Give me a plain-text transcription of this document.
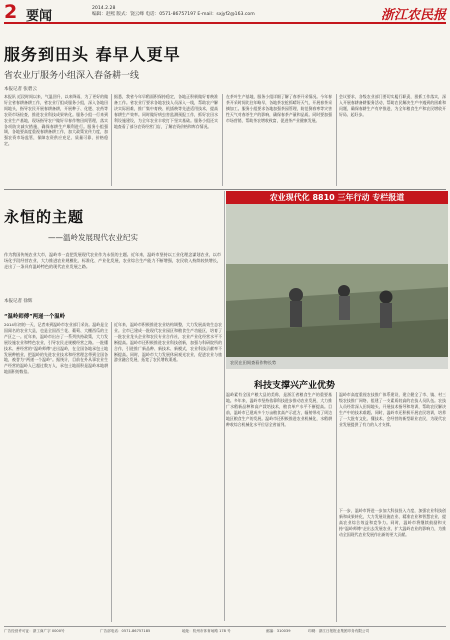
2 要闻
2014.2.28
编辑：赵熙 版式：饶云峰 电话：0571-86757197 E-mail：sxjyf2@163.com	浙江农民报
服务到田头 春早人更早
省农业厅服务小组深入春备耕一线
本报记者 张碧云
本报讯 近段时间以来，气温回升，以来降雨，为了更好的做好全省春耕备耕工作，省农业厅组成服务小组，深入各地田间地头，指导农民开展春耕备耕，开展种子、化肥、农药等农资市场检查，推进农业科技成果转化。服务小组一行来到农业生产基地，现场指导农户做好早春作物田间管理，落实各项防灾减灾措施，确保春耕生产顺利进行。服务小组强调，各地要高度重视春耕备耕工作，加大政策宣传力度，加强农资市场监管，保障农资供应充足、质量可靠、价格稳定。
据悉，我省今年早稻面积保持稳定，各地正积极做好育秧准备工作。省农业厅要求各地农技人员深入一线，帮助农户解决实际困难，推广集中育秧、机插秧等先进适用技术，提高春耕生产效率。同时做好病虫害监测预报工作，抓好农田水利设施建设，为全年农业丰收打下坚实基础。服务小组还实地查看了部分农资经营门店，了解农资价格和库存情况。
在茶叶生产基地，服务小组详细了解了春茶开采情况。今年春茶开采时间比往年略早，各地茶农抢抓晴好天气，开展春茶采摘加工。服务小组要求各地加强茶园管理，防范倒春寒等灾害性天气对春茶生产的影响，确保春茶产量和品质。同时要加强市场营销，帮助茶农增收致富，促进茶产业健康发展。
会议要求，各级农业部门要切实履行职责，狠抓工作落实，深入开展春耕备耕服务活动，帮助农民解决生产中遇到的困难和问题，确保春耕生产有序推进，为全年粮食生产和农民增收开好局、起好步。
永恒的主题
——温岭发展现代农业纪实
作为我国传统农业大市，温岭市一直把发展现代农业作为永恒的主题。近年来，温岭市坚持以工业化理念谋划农业，以市场化手段经营农业，大力推进农业规模化、标准化、产业化发展，农业综合生产能力不断增强，农民收入持续较快增长，走出了一条具有温岭特色的现代农业发展之路。
本报记者 徐辉
“温岭师傅”两递一个温岭
2014年初的一天，记者来到温岭市农业部门采访。温岭是全国闻名的农业大县，也是全国西兰花、葡萄、大棚西瓜的主产区之一。近年来，温岭市出台了一系列扶持政策，大力发展设施农业和特色农业，引导农民走规模经营之路。一批懂技术、善经营的“温岭师傅”走出温岭，在全国各地承包土地发展种植业，把温岭的先进农业技术和经营理念带到全国各地，被誉为“两递一个温岭”。据统计，目前在外从事农业生产经营的温岭人已超过数万人，承包土地面积是温岭本地耕地面积的数倍。
近年来，温岭市积极推进农业结构调整，大力发展高效生态农业。全市已建成一批现代农业园区和粮食生产功能区，培育了一批农业龙头企业和农民专业合作社，农业产业化经营水平不断提高。温岭市还积极推进农业科技创新，加强与科研院所的合作，引进推广新品种、新技术、新模式，农业科技贡献率不断提高。同时，温岭市大力发展休闲观光农业，促进农业与旅游业融合发展，拓宽了农民增收渠道。
农业现代化 8810 三年行动 专栏报道
农民在田间查看作物长势
科技支撑兴产业优势
温岭素有全国产粮大县的美称，是浙江省粮食生产的重要基地。多年来，温岭市坚持依靠科技进步推动农业发展，大力推广水稻新品种和高产栽培技术，粮食单产水平不断提高。目前，温岭市已建成多个万亩粮食高产示范方，辐射带动了周边地区粮食生产的发展。温岭市还积极推进农业机械化，水稻耕种收综合机械化水平位居全省前列。
温岭市高度重视农技推广体系建设，建立健全了市、镇、村三级农技推广网络，组建了一支素质较高的农技人员队伍。农技人员经常深入田间地头，开展技术指导和培训，帮助农民解决生产中的技术难题。同时，温岭市还积极开展农民培训，培养了一大批有文化、懂技术、会经营的新型职业农民，为现代农业发展提供了有力的人才支撑。
下一步，温岭市将进一步加大科技投入力度，加强农业科技创新和成果转化，大力发展设施农业、精准农业和智慧农业，提高农业综合效益和竞争力。同时，温岭市将继续鼓励和支持“温岭师傅”走出去发展农业，扩大温岭农业的影响力，为推动全国现代农业发展作出新的更大贡献。
广告经营许可证：浙工商广字 0000号	广告部电话：0571-86757185	地址：杭州市体育场路 178 号	邮编：310039	印刷：浙江日报报业集团印务有限公司
